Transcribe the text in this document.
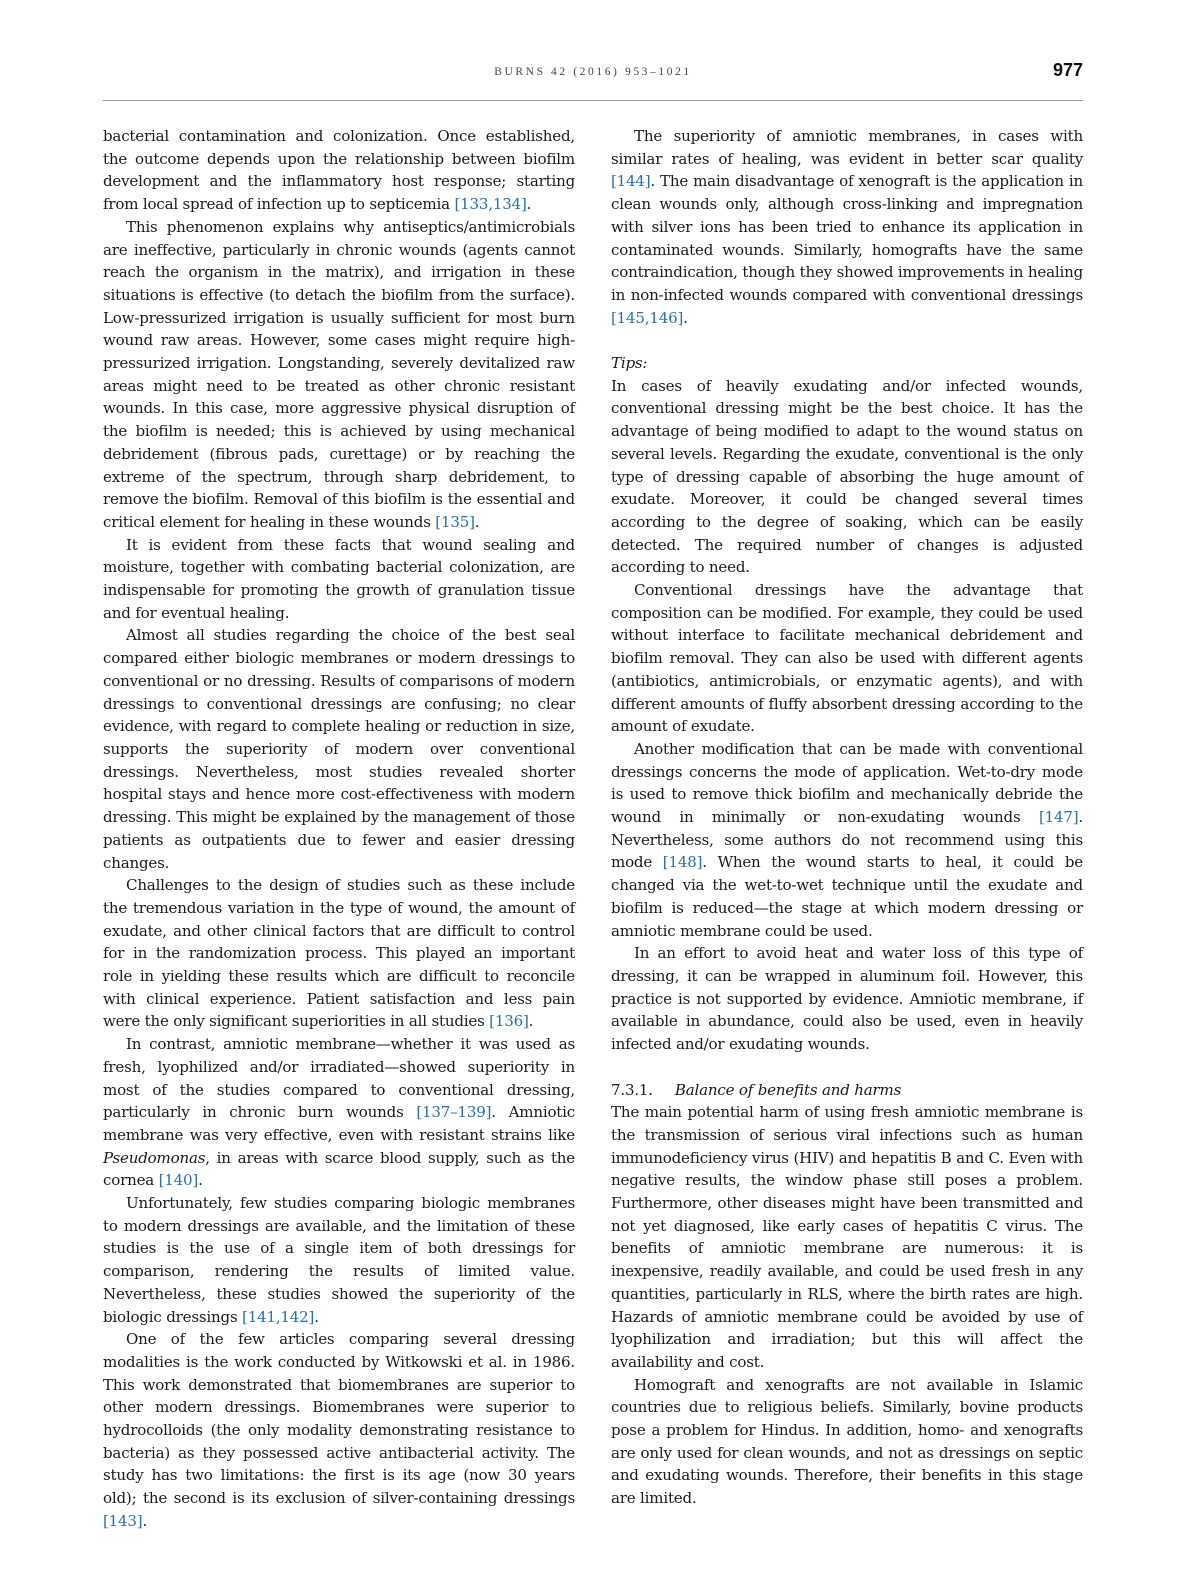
BURNS 42 (2016) 953–1021	977

bacterial contamination and colonization. Once established, the outcome depends upon the relationship between biofilm development and the inflammatory host response; starting from local spread of infection up to septicemia [133,134].

This phenomenon explains why antiseptics/antimicrobials are ineffective, particularly in chronic wounds (agents cannot reach the organism in the matrix), and irrigation in these situations is effective (to detach the biofilm from the surface). Low-pressurized irrigation is usually sufficient for most burn wound raw areas. However, some cases might require high-pressurized irrigation. Longstanding, severely devitalized raw areas might need to be treated as other chronic resistant wounds. In this case, more aggressive physical disruption of the biofilm is needed; this is achieved by using mechanical debridement (fibrous pads, curettage) or by reaching the extreme of the spectrum, through sharp debridement, to remove the biofilm. Removal of this biofilm is the essential and critical element for healing in these wounds [135].

It is evident from these facts that wound sealing and moisture, together with combating bacterial colonization, are indispensable for promoting the growth of granulation tissue and for eventual healing.

Almost all studies regarding the choice of the best seal compared either biologic membranes or modern dressings to conventional or no dressing. Results of comparisons of modern dressings to conventional dressings are confusing; no clear evidence, with regard to complete healing or reduction in size, supports the superiority of modern over conventional dressings. Nevertheless, most studies revealed shorter hospital stays and hence more cost-effectiveness with modern dressing. This might be explained by the management of those patients as outpatients due to fewer and easier dressing changes.

Challenges to the design of studies such as these include the tremendous variation in the type of wound, the amount of exudate, and other clinical factors that are difficult to control for in the randomization process. This played an important role in yielding these results which are difficult to reconcile with clinical experience. Patient satisfaction and less pain were the only significant superiorities in all studies [136].

In contrast, amniotic membrane—whether it was used as fresh, lyophilized and/or irradiated—showed superiority in most of the studies compared to conventional dressing, particularly in chronic burn wounds [137–139]. Amniotic membrane was very effective, even with resistant strains like Pseudomonas, in areas with scarce blood supply, such as the cornea [140].

Unfortunately, few studies comparing biologic membranes to modern dressings are available, and the limitation of these studies is the use of a single item of both dressings for comparison, rendering the results of limited value. Nevertheless, these studies showed the superiority of the biologic dressings [141,142].

One of the few articles comparing several dressing modalities is the work conducted by Witkowski et al. in 1986. This work demonstrated that biomembranes are superior to other modern dressings. Biomembranes were superior to hydrocolloids (the only modality demonstrating resistance to bacteria) as they possessed active antibacterial activity. The study has two limitations: the first is its age (now 30 years old); the second is its exclusion of silver-containing dressings [143].

The superiority of amniotic membranes, in cases with similar rates of healing, was evident in better scar quality [144]. The main disadvantage of xenograft is the application in clean wounds only, although cross-linking and impregnation with silver ions has been tried to enhance its application in contaminated wounds. Similarly, homografts have the same contraindication, though they showed improvements in healing in non-infected wounds compared with conventional dressings [145,146].

Tips:

In cases of heavily exudating and/or infected wounds, conventional dressing might be the best choice. It has the advantage of being modified to adapt to the wound status on several levels. Regarding the exudate, conventional is the only type of dressing capable of absorbing the huge amount of exudate. Moreover, it could be changed several times according to the degree of soaking, which can be easily detected. The required number of changes is adjusted according to need.

Conventional dressings have the advantage that composition can be modified. For example, they could be used without interface to facilitate mechanical debridement and biofilm removal. They can also be used with different agents (antibiotics, antimicrobials, or enzymatic agents), and with different amounts of fluffy absorbent dressing according to the amount of exudate.

Another modification that can be made with conventional dressings concerns the mode of application. Wet-to-dry mode is used to remove thick biofilm and mechanically debride the wound in minimally or non-exudating wounds [147]. Nevertheless, some authors do not recommend using this mode [148]. When the wound starts to heal, it could be changed via the wet-to-wet technique until the exudate and biofilm is reduced—the stage at which modern dressing or amniotic membrane could be used.

In an effort to avoid heat and water loss of this type of dressing, it can be wrapped in aluminum foil. However, this practice is not supported by evidence. Amniotic membrane, if available in abundance, could also be used, even in heavily infected and/or exudating wounds.

7.3.1. Balance of benefits and harms

The main potential harm of using fresh amniotic membrane is the transmission of serious viral infections such as human immunodeficiency virus (HIV) and hepatitis B and C. Even with negative results, the window phase still poses a problem. Furthermore, other diseases might have been transmitted and not yet diagnosed, like early cases of hepatitis C virus. The benefits of amniotic membrane are numerous: it is inexpensive, readily available, and could be used fresh in any quantities, particularly in RLS, where the birth rates are high. Hazards of amniotic membrane could be avoided by use of lyophilization and irradiation; but this will affect the availability and cost.

Homograft and xenografts are not available in Islamic countries due to religious beliefs. Similarly, bovine products pose a problem for Hindus. In addition, homo- and xenografts are only used for clean wounds, and not as dressings on septic and exudating wounds. Therefore, their benefits in this stage are limited.
